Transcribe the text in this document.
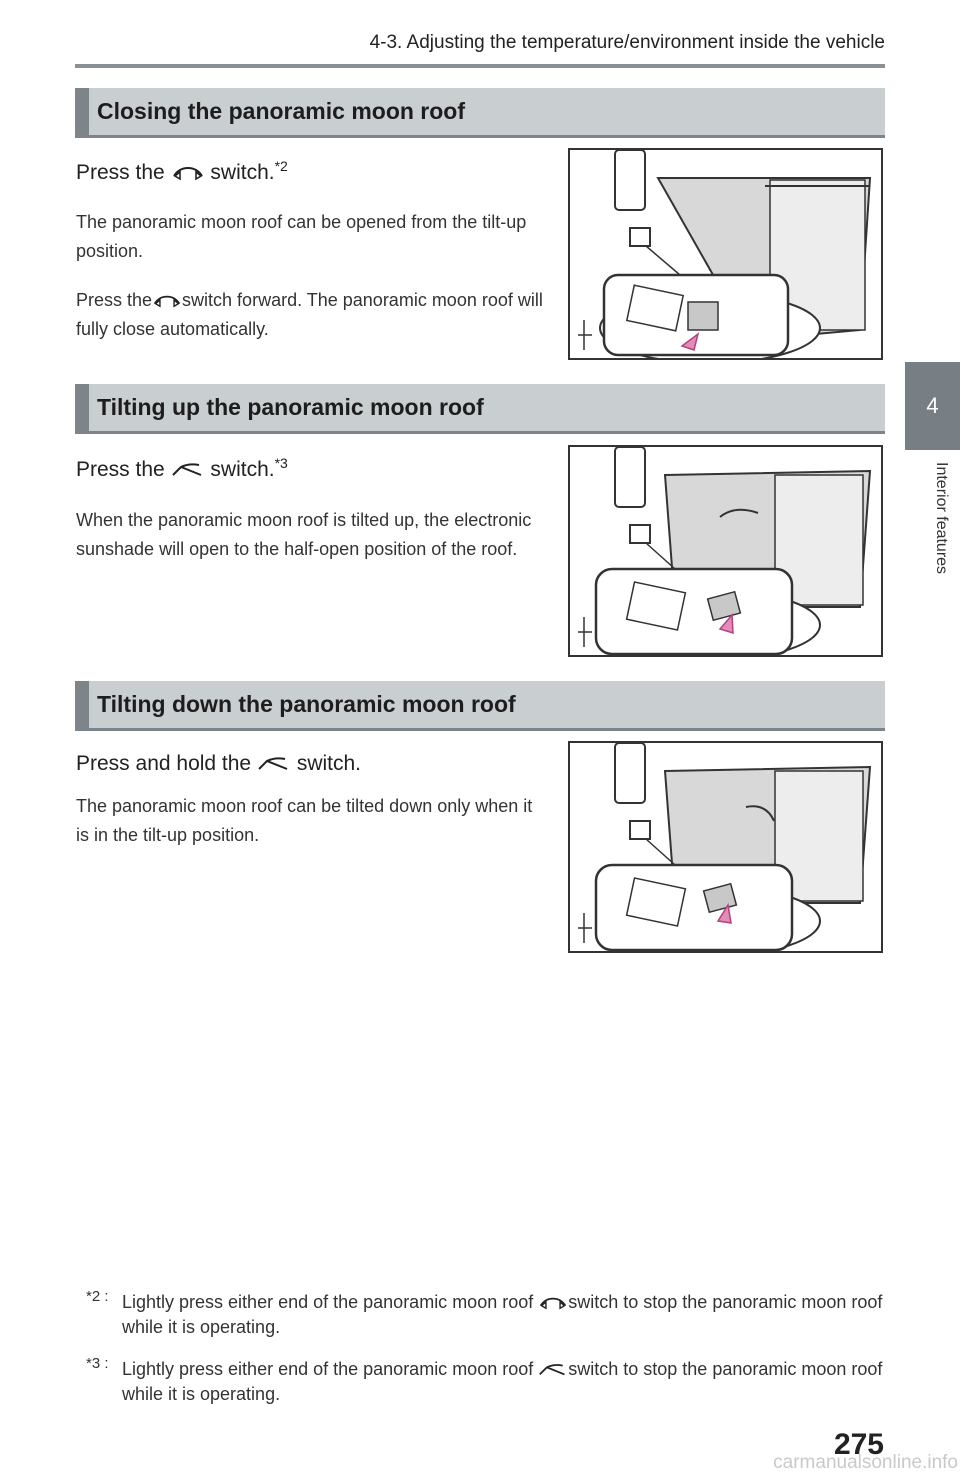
4-3. Adjusting the temperature/environment inside the vehicle
4
Interior features
Closing the panoramic moon roof
Press the switch.$^{*2}$
The panoramic moon roof can be opened from the tilt-up position.
Press the switch forward. The panoramic moon roof will fully close automatically.
Tilting up the panoramic moon roof
Press the switch.$^{*3}$
When the panoramic moon roof is tilted up, the electronic sunshade will open to the half-open position of the roof.
Tilting down the panoramic moon roof
Press and hold the switch.
The panoramic moon roof can be tilted down only when it is in the tilt-up position.
*2 : Lightly press either end of the panoramic moon roof switch to stop the panoramic moon roof while it is operating.
*3 : Lightly press either end of the panoramic moon roof switch to stop the panoramic moon roof while it is operating.
275
carmanualsonline.info
